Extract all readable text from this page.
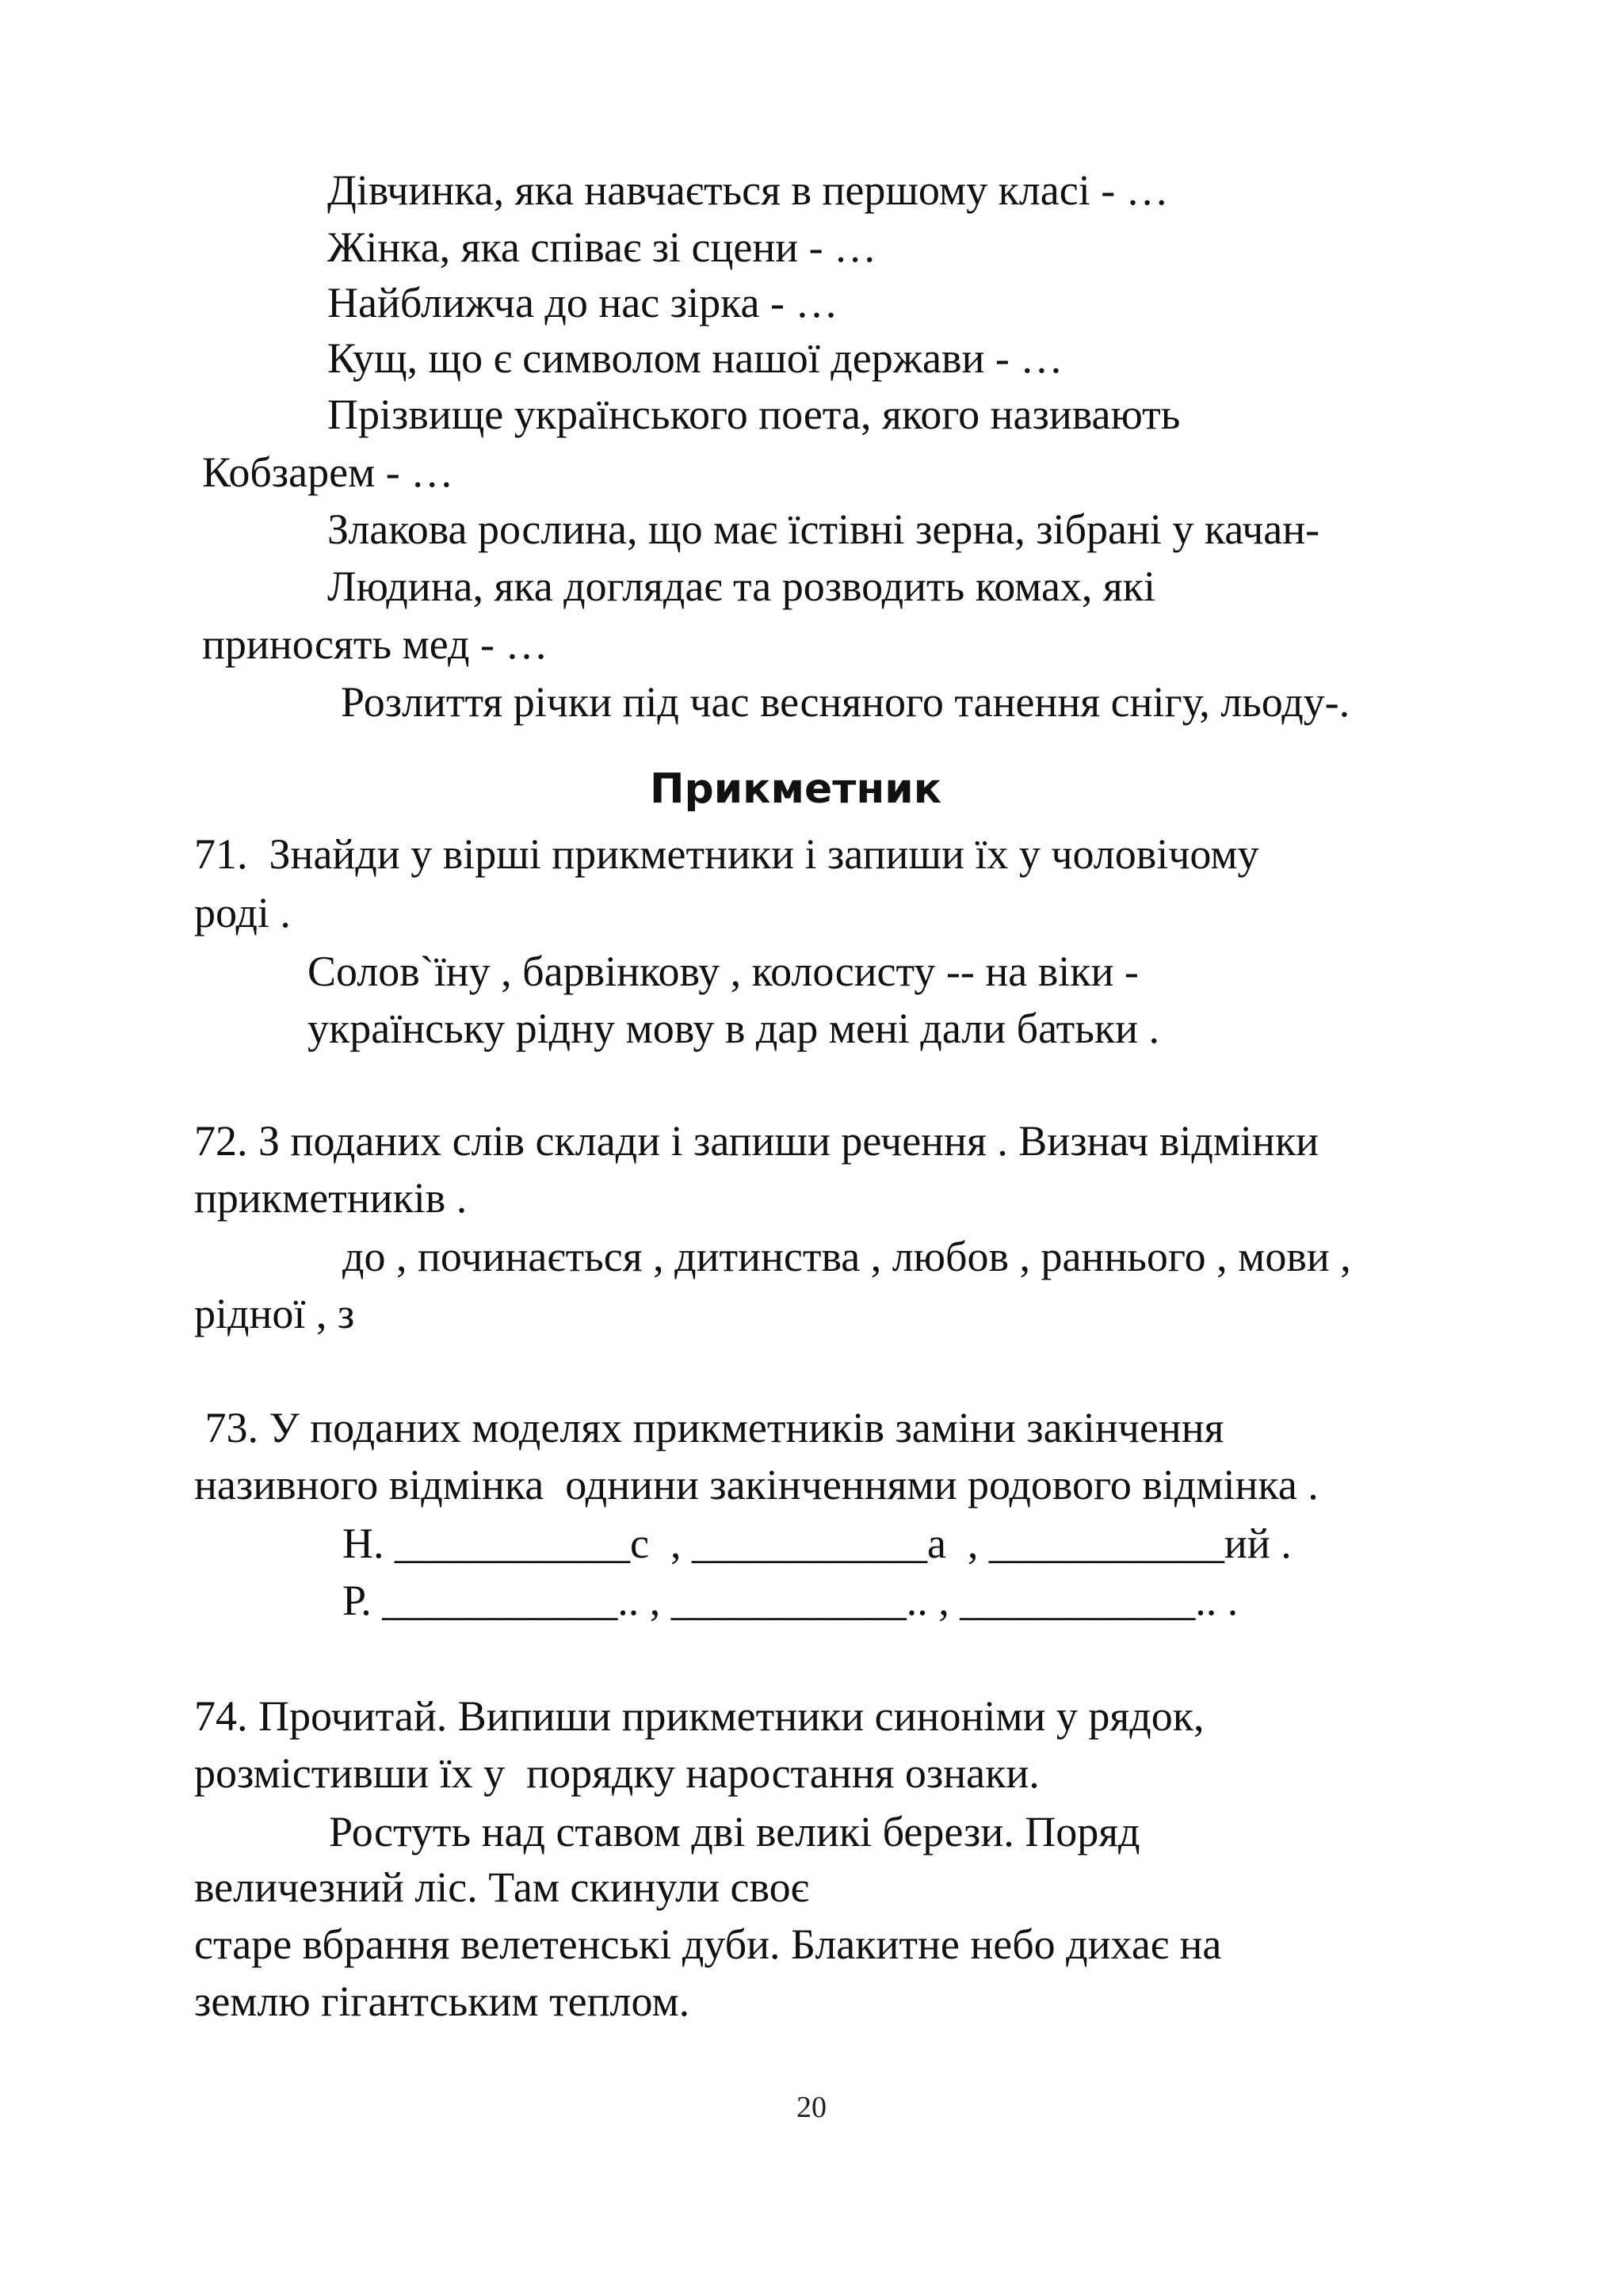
Дівчинка, яка навчається в першому класі - …
Жінка, яка співає зі сцени - …
Найближча до нас зірка - …
Кущ, що є символом нашої держави - …
Прізвище українського поета, якого називають
Кобзарем - …
Злакова рослина, що має їстівні зерна, зібрані у качан-
Людина, яка доглядає та розводить комах, які
приносять мед - …
Розлиття річки під час весняного танення снігу, льоду-.
Прикметник
71.  Знайди у вірші прикметники і запиши їх у чоловічому
роді .
Солов`їну , барвінкову , колосисту -- на віки -
українську рідну мову в дар мені дали батьки .
72. З поданих слів склади і запиши речення . Визнач відмінки
прикметників .
до , починається , дитинства , любов , раннього , мови ,
рідної , з
73. У поданих моделях прикметників заміни закінчення
називного відмінка  однини закінченнями родового відмінка .
Н. ___________с  , ___________а  , ___________ий .
Р. ___________.. , ___________.. , ___________.. .
74. Прочитай. Випиши прикметники синоніми у рядок,
розмістивши їх у  порядку наростання ознаки.
Ростуть над ставом дві великі берези. Поряд
величезний ліс. Там скинули своє
старе вбрання велетенські дуби. Блакитне небо дихає на
землю гігантським теплом.
20
